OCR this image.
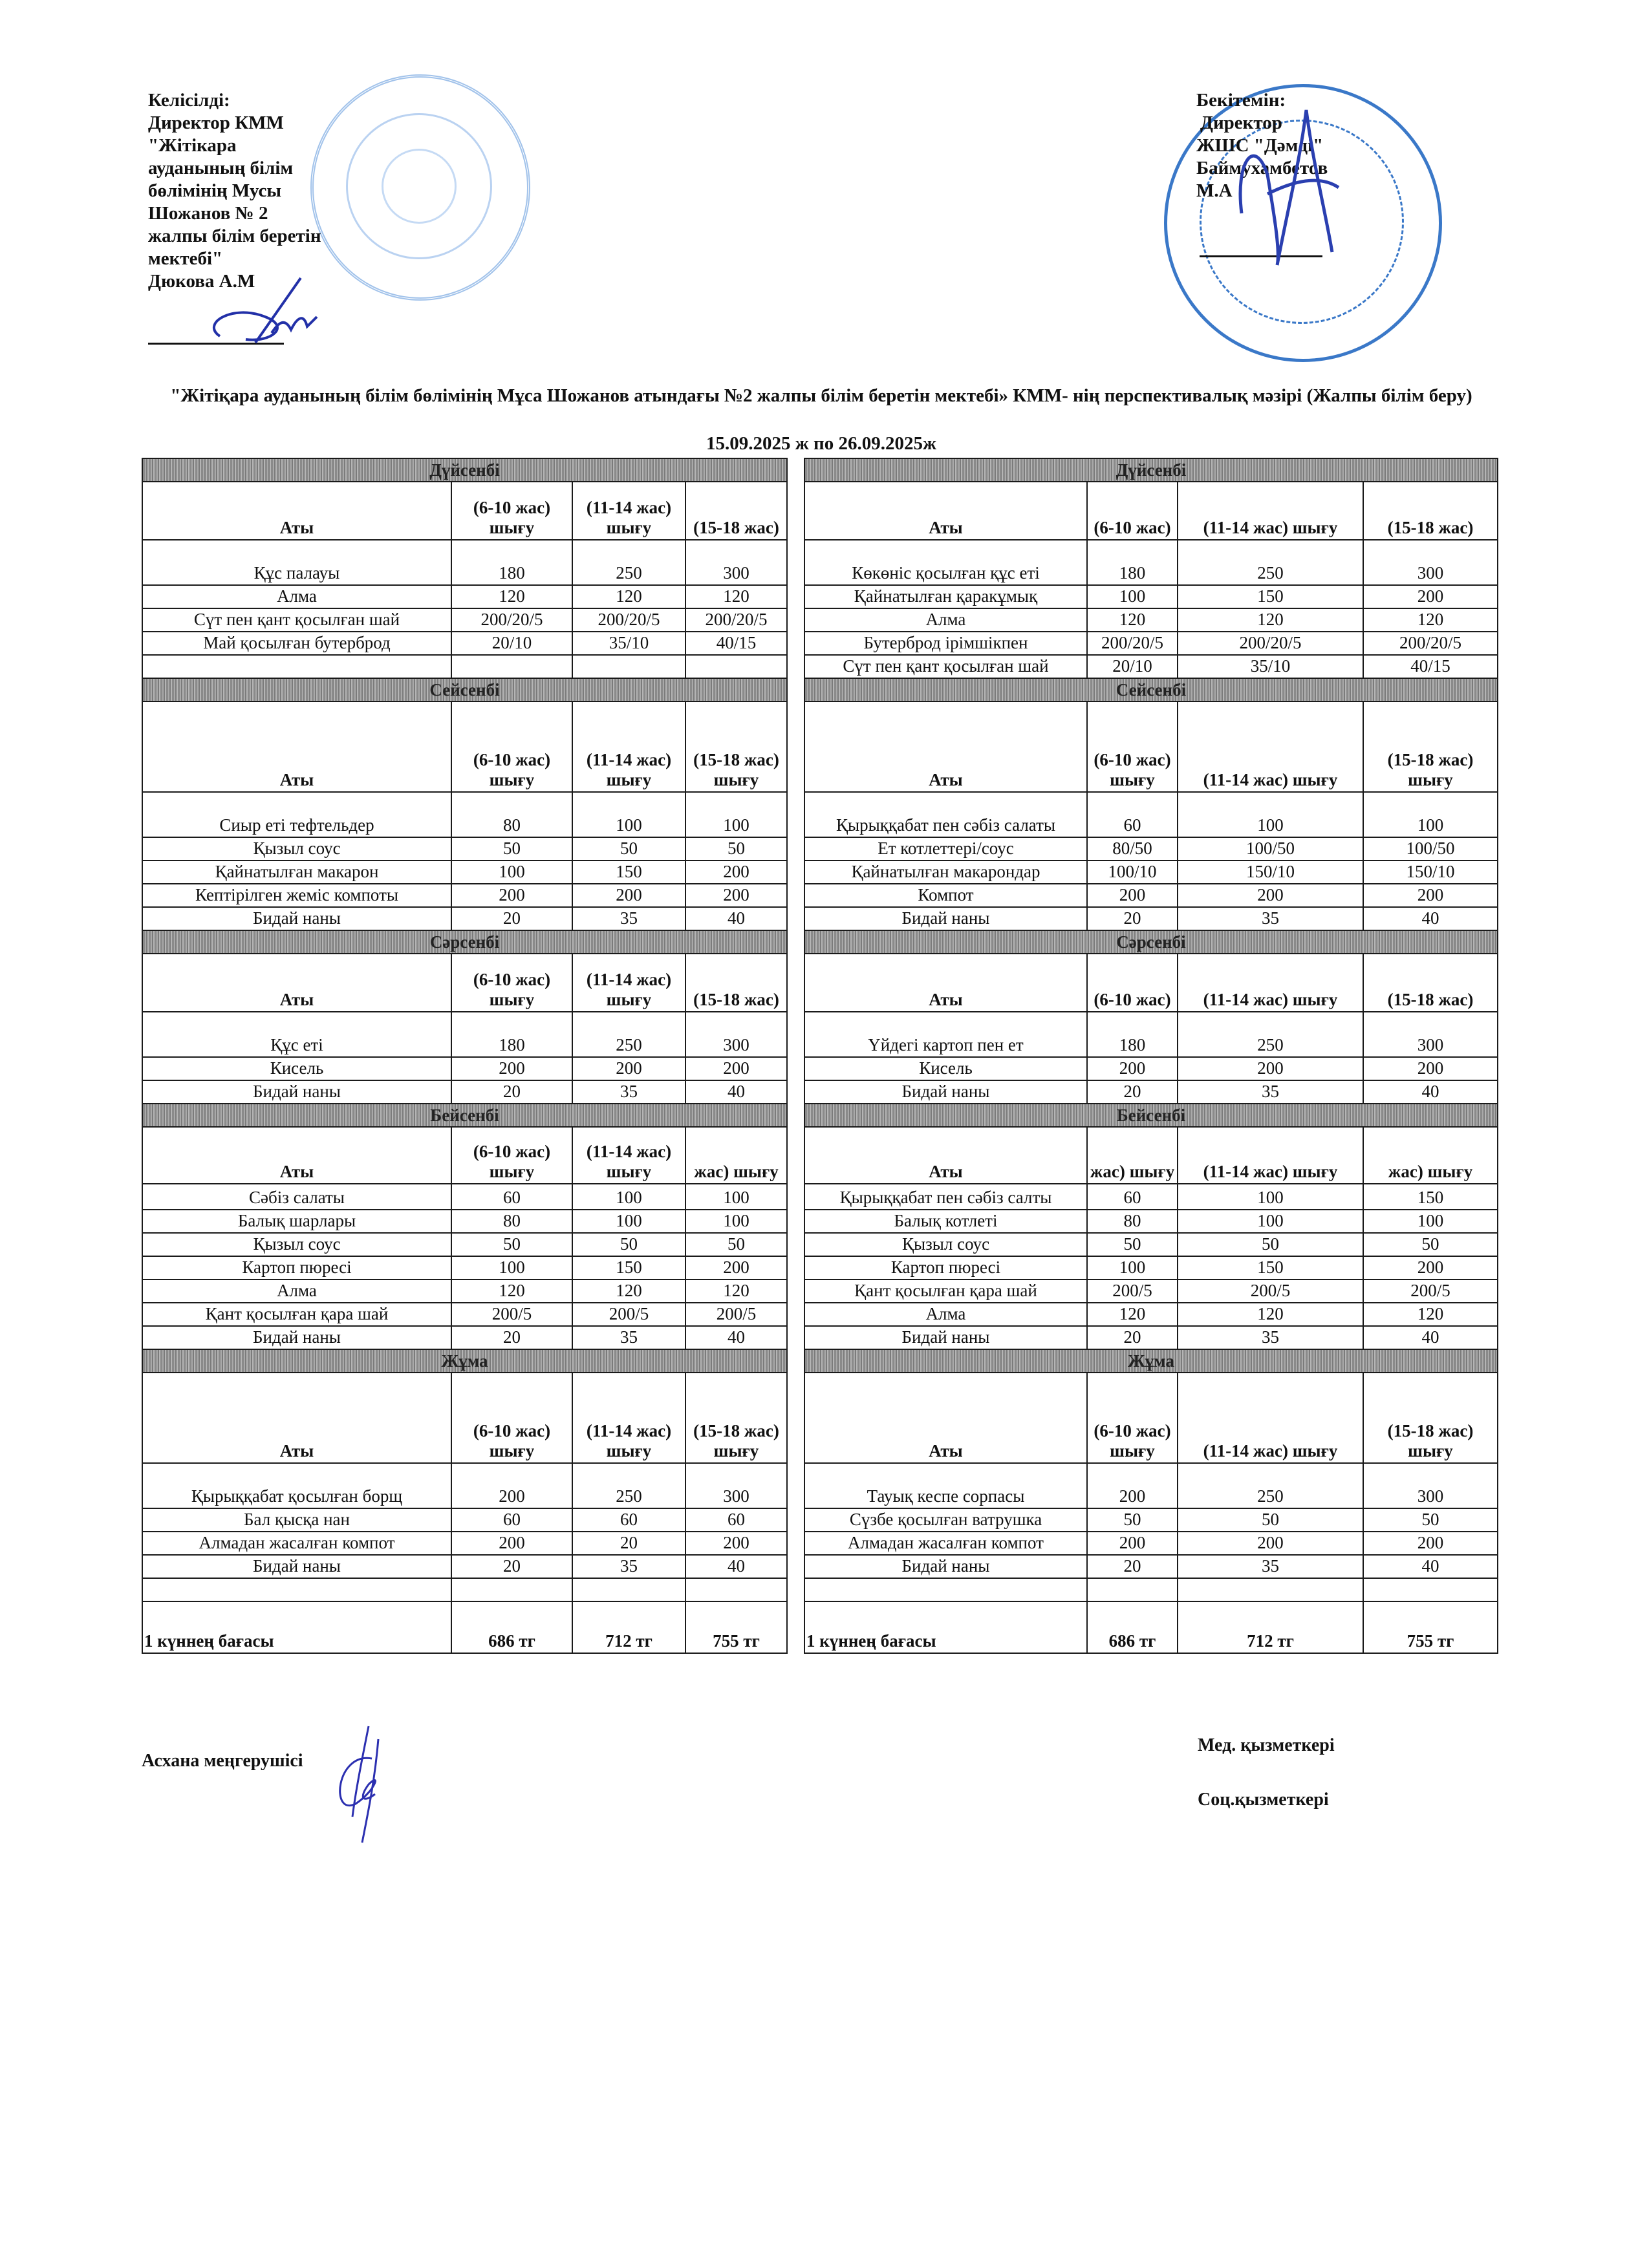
Келісілді:
Директор КММ
"Жітікара
ауданының білім
бөлімінің Мусы
Шожанов № 2
жалпы білім беретін
мектебі"
Дюкова А.М
Бекітемін:
Директор
ЖШС "Дәмді"
Баймухамбетов
М.А
"Жітіқара ауданының білім бөлімінің Мұса Шожанов атындағы №2 жалпы білім беретін мектебі» КММ- нің перспективалық мәзірі (Жалпы білім беру)
15.09.2025 ж по 26.09.2025ж
Дүйсенбі			
Аты	(6-10 жас) шығу	(11-14 жас) шығу	(15-18 жас)
Құс палауы	180	250	300
Алма	120	120	120
Сүт пен қант қосылған шай	200/20/5	200/20/5	200/20/5
Май қосылған бутерброд	20/10	35/10	40/15

Сейсенбі			
Аты	(6-10 жас) шығу	(11-14 жас) шығу	(15-18 жас) шығу
Сиыр еті тефтельдер	80	100	100
Қызыл соус	50	50	50
Қайнатылған макарон	100	150	200
Кептірілген жеміс компоты	200	200	200
Бидай наны	20	35	40
Сәрсенбі			
Аты	(6-10 жас) шығу	(11-14 жас) шығу	(15-18 жас)
Құс еті	180	250	300
Кисель	200	200	200
Бидай наны	20	35	40
Бейсенбі			
Аты	(6-10 жас) шығу	(11-14 жас) шығу	жас) шығу
Сәбіз салаты	60	100	100
Балық шарлары	80	100	100
Қызыл соус	50	50	50
Картоп пюресі	100	150	200
Алма	120	120	120
Қант қосылған қара шай	200/5	200/5	200/5
Бидай наны	20	35	40
Жұма			
Аты	(6-10 жас) шығу	(11-14 жас) шығу	(15-18 жас) шығу
Қырыққабат қосылған борщ	200	250	300
Бал қысқа нан	60	60	60
Алмадан жасалған компот	200	20	200
Бидай наны	20	35	40

1 күннең бағасы	686 тг	712 тг	755 тг
Дүйсенбі			
Аты	(6-10 жас)	(11-14 жас) шығу	(15-18 жас)
Көкөніс қосылған құс еті	180	250	300
Қайнатылған қаракұмық	100	150	200
Алма	120	120	120
Бутерброд ірімшікпен	200/20/5	200/20/5	200/20/5
Сүт пен қант қосылған шай	20/10	35/10	40/15
Сейсенбі			
Аты	(6-10 жас) шығу	(11-14 жас) шығу	(15-18 жас) шығу
Қырыққабат пен сәбіз салаты	60	100	100
Ет котлеттері/соус	80/50	100/50	100/50
Қайнатылған макарондар	100/10	150/10	150/10
Компот	200	200	200
Бидай наны	20	35	40
Сәрсенбі			
Аты	(6-10 жас)	(11-14 жас) шығу	(15-18 жас)
Үйдегі картоп пен ет	180	250	300
Кисель	200	200	200
Бидай наны	20	35	40
Бейсенбі			
Аты	жас) шығу	(11-14 жас) шығу	жас) шығу
Қырыққабат пен сәбіз салты	60	100	150
Балық котлеті	80	100	100
Қызыл соус	50	50	50
Картоп пюресі	100	150	200
Қант қосылған қара шай	200/5	200/5	200/5
Алма	120	120	120
Бидай наны	20	35	40
Жұма			
Аты	(6-10 жас) шығу	(11-14 жас) шығу	(15-18 жас) шығу
Тауық кеспе сорпасы	200	250	300
Сүзбе қосылған ватрушка	50	50	50
Алмадан жасалған компот	200	200	200
Бидай наны	20	35	40

1 күннең бағасы	686 тг	712 тг	755 тг
Асхана меңгерушісі
Мед. қызметкері
Соц.қызметкері
